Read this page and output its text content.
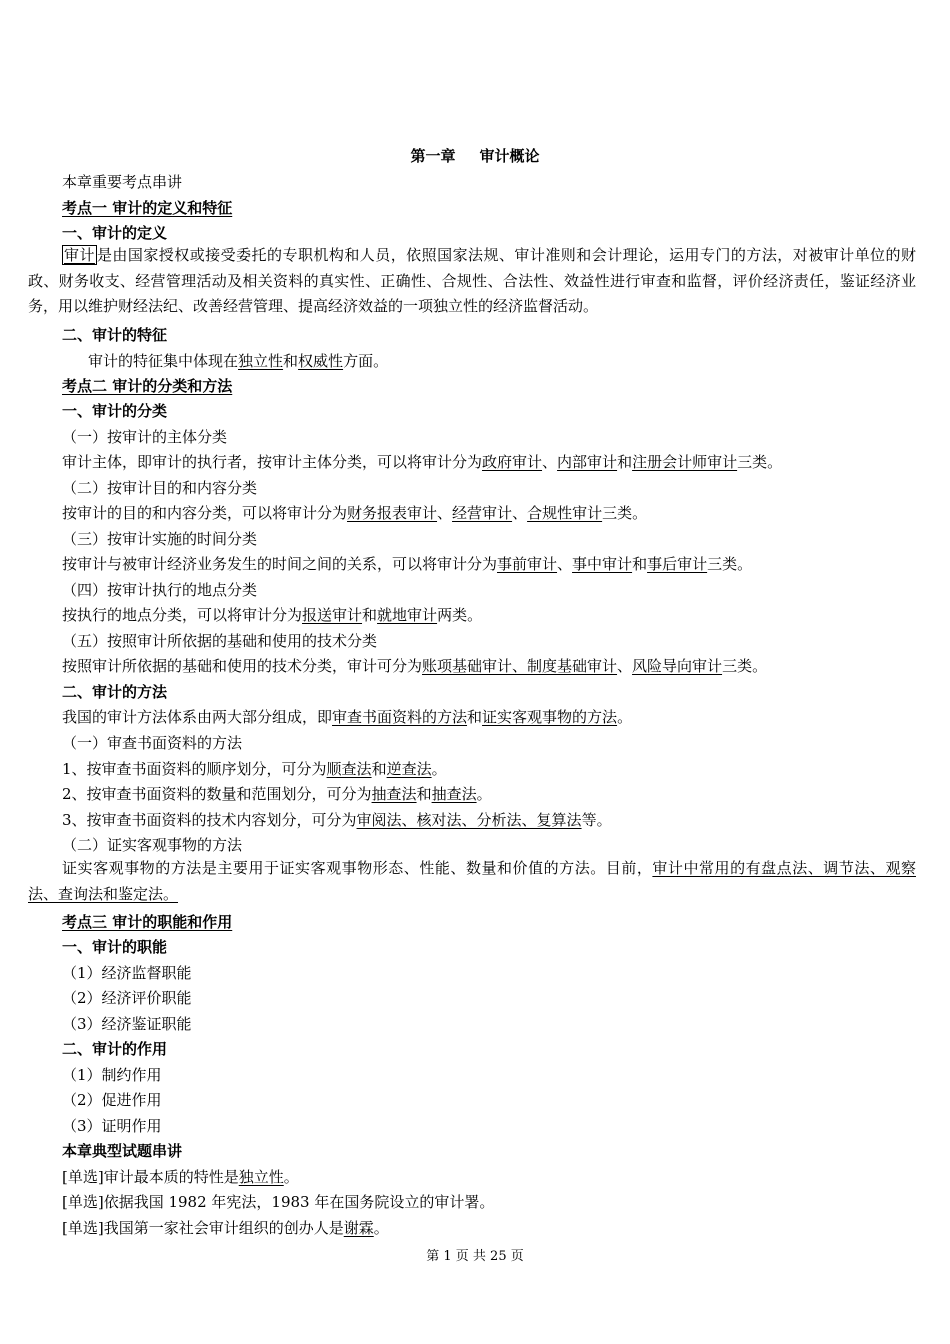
第一章 审计概论
本章重要考点串讲
考点一 审计的定义和特征
一、审计的定义
审计 是由国家授权或接受委托的专职机构和人员，依照国家法规、审计准则和会计理论，运用专门的方法，对被审计单位的财政、财务收支、经营管理活动及相关资料的真实性、正确性、合规性、合法性、效益性进行审查和监督，评价经济责任，鉴证经济业务，用以维护财经法纪、改善经营管理、提高经济效益的一项独立性的经济监督活动。
二、审计的特征
审计的特征集中体现在独立性和权威性方面。
考点二 审计的分类和方法
一、审计的分类
（一）按审计的主体分类
审计主体，即审计的执行者，按审计主体分类，可以将审计分为政府审计、内部审计和注册会计师审计三类。
（二）按审计目的和内容分类
按审计的目的和内容分类，可以将审计分为财务报表审计、经营审计、合规性审计三类。
（三）按审计实施的时间分类
按审计与被审计经济业务发生的时间之间的关系，可以将审计分为事前审计、事中审计和事后审计三类。
（四）按审计执行的地点分类
按执行的地点分类，可以将审计分为报送审计和就地审计两类。
（五）按照审计所依据的基础和使用的技术分类
按照审计所依据的基础和使用的技术分类，审计可分为账项基础审计、制度基础审计、风险导向审计三类。
二、审计的方法
我国的审计方法体系由两大部分组成，即审查书面资料的方法和证实客观事物的方法。
（一）审查书面资料的方法
1、按审查书面资料的顺序划分，可分为顺查法和逆查法。
2、按审查书面资料的数量和范围划分，可分为抽查法和抽查法。
3、按审查书面资料的技术内容划分，可分为审阅法、核对法、分析法、复算法等。
（二）证实客观事物的方法
证实客观事物的方法是主要用于证实客观事物形态、性能、数量和价值的方法。目前，审计中常用的有盘点法、调节法、观察法、查询法和鉴定法。
考点三 审计的职能和作用
一、审计的职能
（1）经济监督职能
（2）经济评价职能
（3）经济鉴证职能
二、审计的作用
（1）制约作用
（2）促进作用
（3）证明作用
本章典型试题串讲
[单选]审计最本质的特性是独立性。
[单选]依据我国 1982 年宪法，1983 年在国务院设立的审计署。
[单选]我国第一家社会审计组织的创办人是谢霖。
第 1 页 共 25 页
